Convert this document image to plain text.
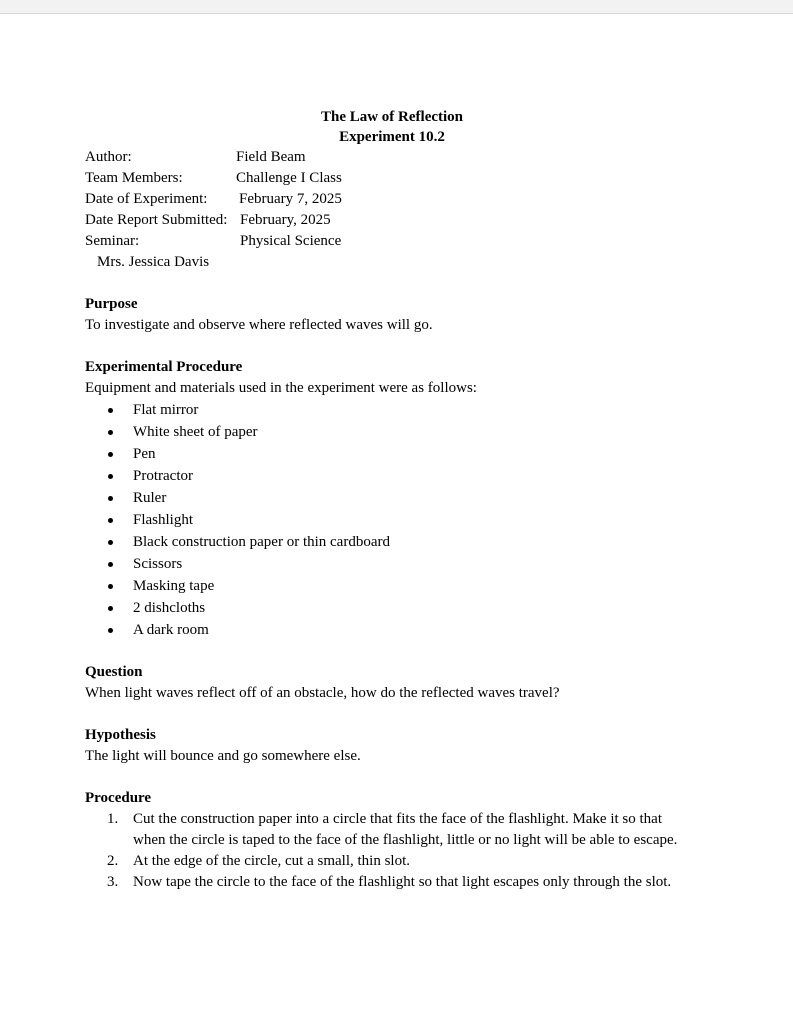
The Law of Reflection
Experiment 10.2
Author:	Field Beam
Team Members:	Challenge I Class
Date of Experiment: February 7, 2025
Date Report Submitted: February, 2025
Seminar:	Physical Science
Mrs. Jessica Davis
Purpose
To investigate and observe where reflected waves will go.
Experimental Procedure
Equipment and materials used in the experiment were as follows:
Flat mirror
White sheet of paper
Pen
Protractor
Ruler
Flashlight
Black construction paper or thin cardboard
Scissors
Masking tape
2 dishcloths
A dark room
Question
When light waves reflect off of an obstacle, how do the reflected waves travel?
Hypothesis
The light will bounce and go somewhere else.
Procedure
1. Cut the construction paper into a circle that fits the face of the flashlight. Make it so that when the circle is taped to the face of the flashlight, little or no light will be able to escape.
2. At the edge of the circle, cut a small, thin slot.
3. Now tape the circle to the face of the flashlight so that light escapes only through the slot.
